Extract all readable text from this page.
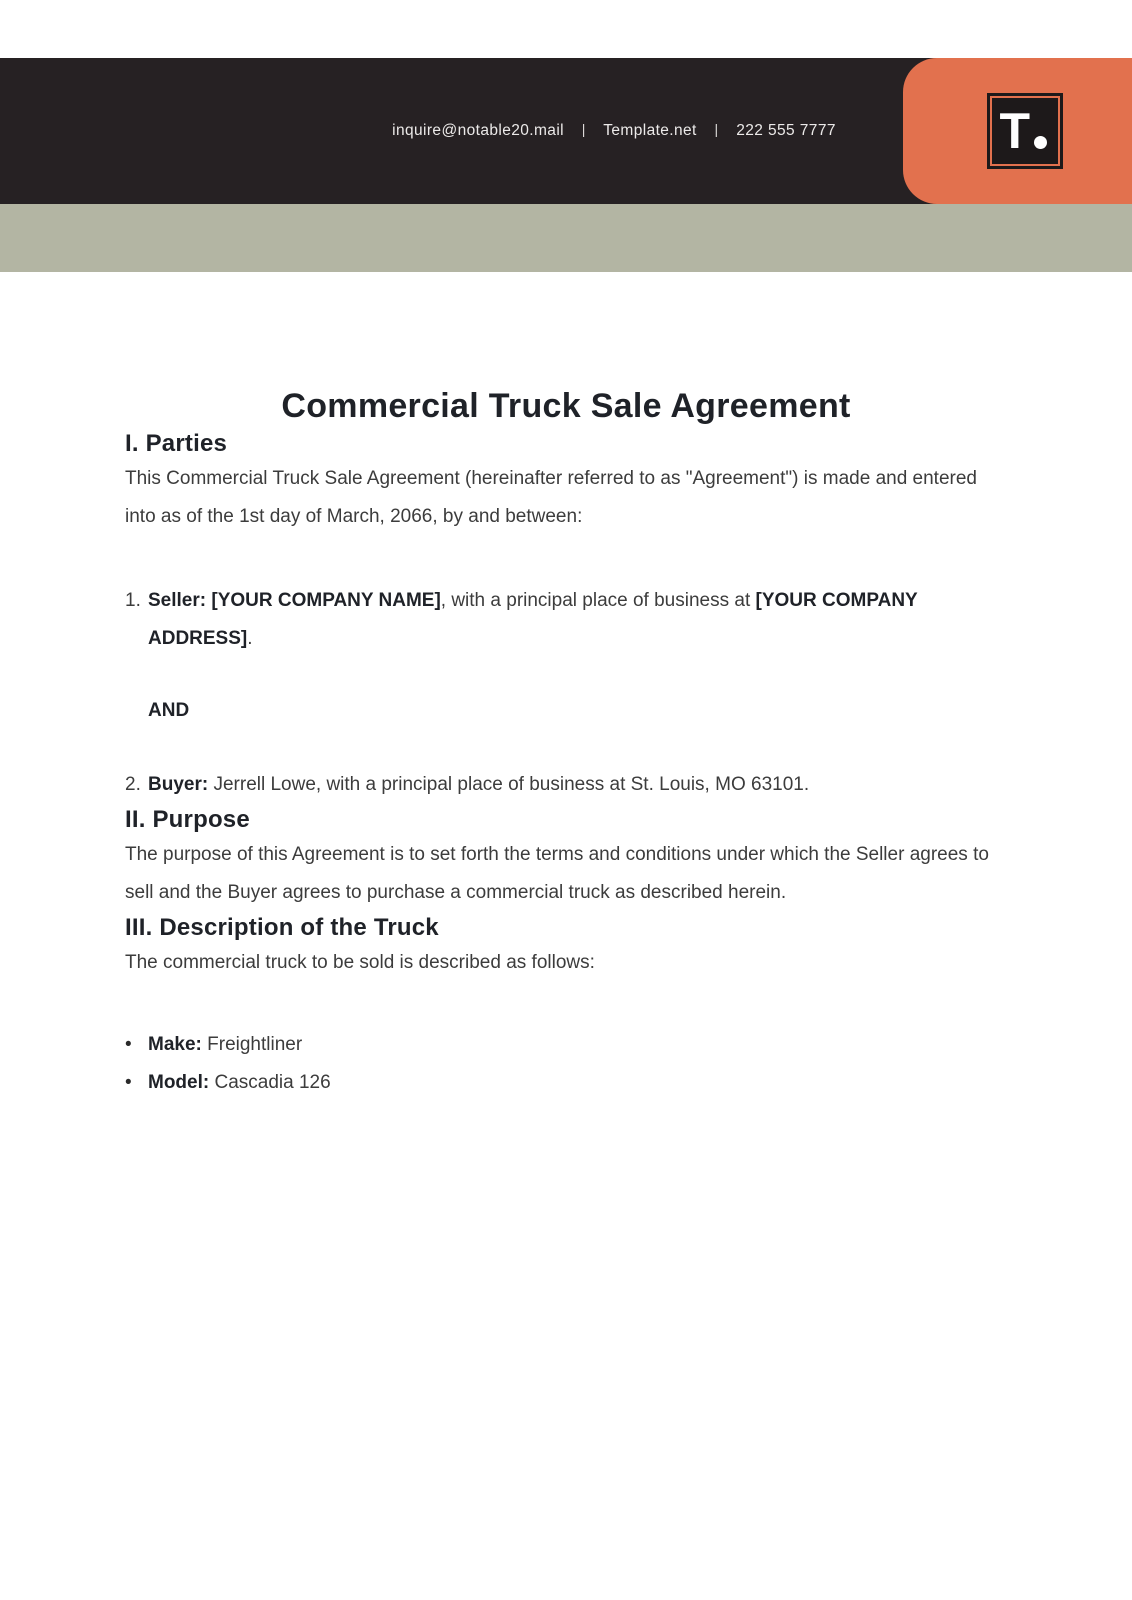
inquire@notable20.mail | Template.net | 222 555 7777	T
Commercial Truck Sale Agreement
I. Parties

This Commercial Truck Sale Agreement (hereinafter referred to as "Agreement") is made and entered into as of the 1st day of March, 2066, by and between:

1. Seller: [YOUR COMPANY NAME], with a principal place of business at [YOUR COMPANY ADDRESS].
AND
2. Buyer: Jerrell Lowe, with a principal place of business at St. Louis, MO 63101.
II. Purpose

The purpose of this Agreement is to set forth the terms and conditions under which the Seller agrees to sell and the Buyer agrees to purchase a commercial truck as described herein.

III. Description of the Truck

The commercial truck to be sold is described as follows:

• Make: Freightliner
• Model: Cascadia 126
